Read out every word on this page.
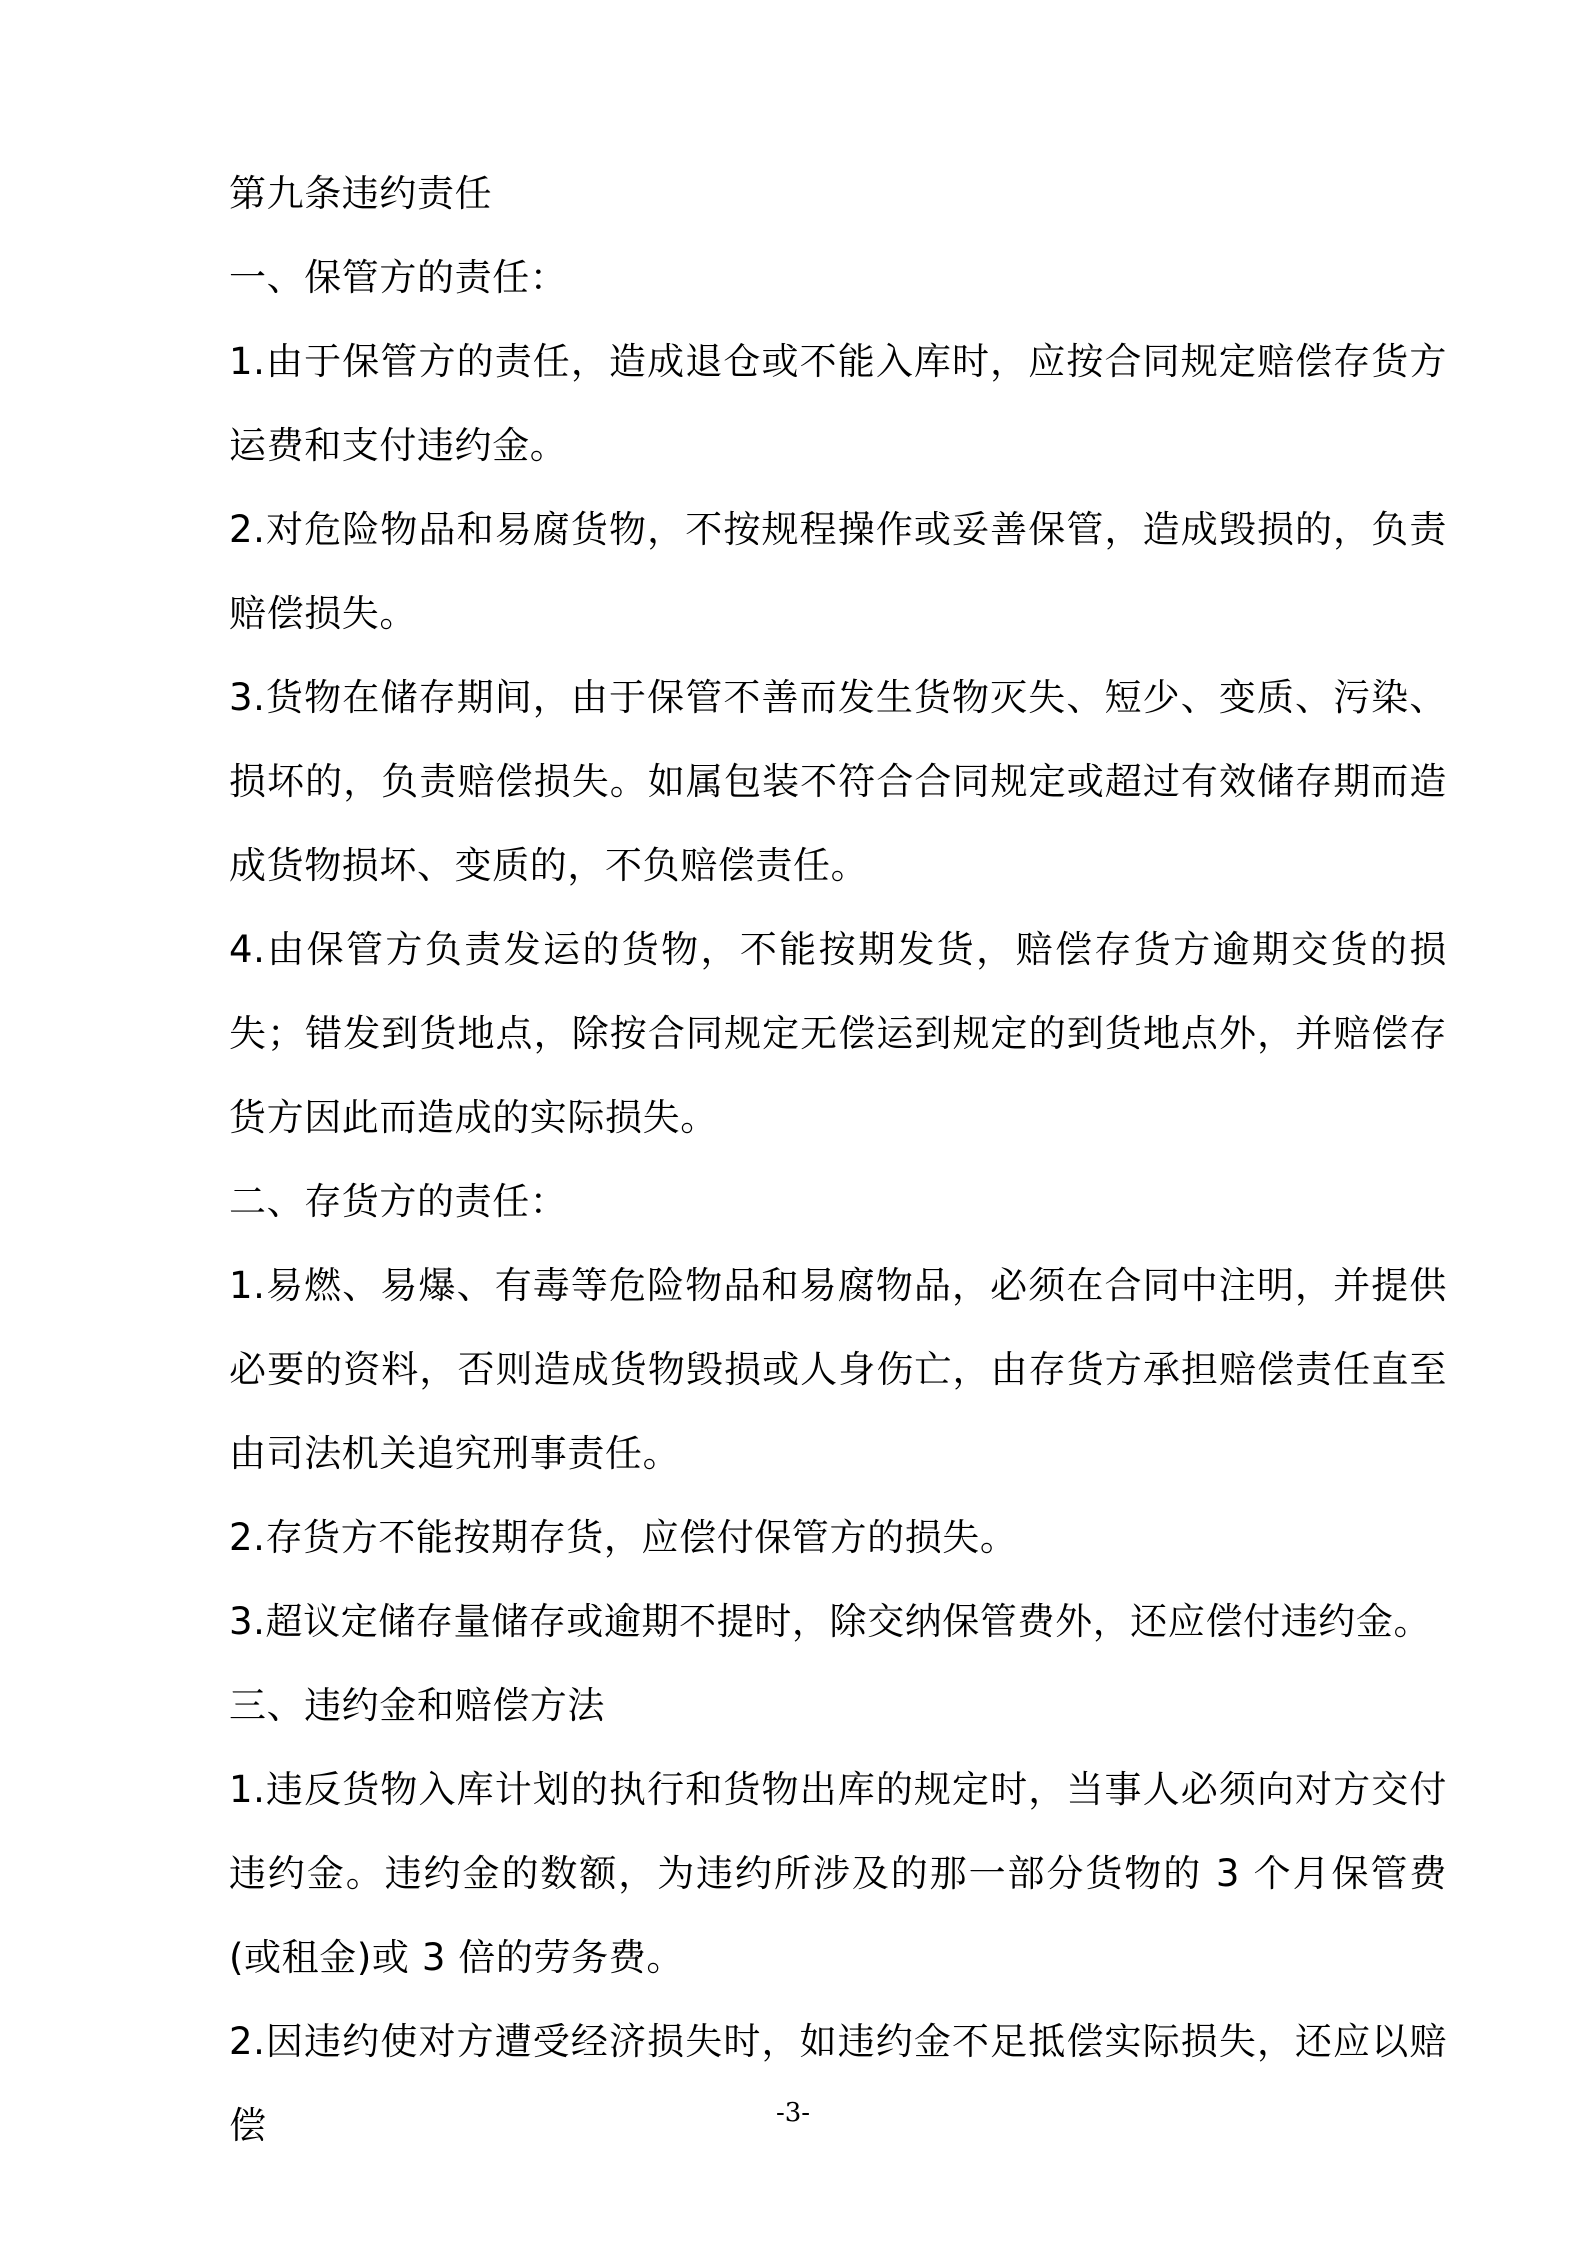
第九条违约责任

一、保管方的责任：

1.由于保管方的责任，造成退仓或不能入库时，应按合同规定赔偿存货方运费和支付违约金。

2.对危险物品和易腐货物，不按规程操作或妥善保管，造成毁损的，负责赔偿损失。

3.货物在储存期间，由于保管不善而发生货物灭失、短少、变质、污染、损坏的，负责赔偿损失。如属包装不符合合同规定或超过有效储存期而造成货物损坏、变质的，不负赔偿责任。

4.由保管方负责发运的货物，不能按期发货，赔偿存货方逾期交货的损失；错发到货地点，除按合同规定无偿运到规定的到货地点外，并赔偿存货方因此而造成的实际损失。

二、存货方的责任：

1.易燃、易爆、有毒等危险物品和易腐物品，必须在合同中注明，并提供必要的资料，否则造成货物毁损或人身伤亡，由存货方承担赔偿责任直至由司法机关追究刑事责任。

2.存货方不能按期存货，应偿付保管方的损失。

3.超议定储存量储存或逾期不提时，除交纳保管费外，还应偿付违约金。

三、违约金和赔偿方法

1.违反货物入库计划的执行和货物出库的规定时，当事人必须向对方交付违约金。违约金的数额，为违约所涉及的那一部分货物的 3 个月保管费(或租金)或 3 倍的劳务费。

2.因违约使对方遭受经济损失时，如违约金不足抵偿实际损失，还应以赔偿	-3-
